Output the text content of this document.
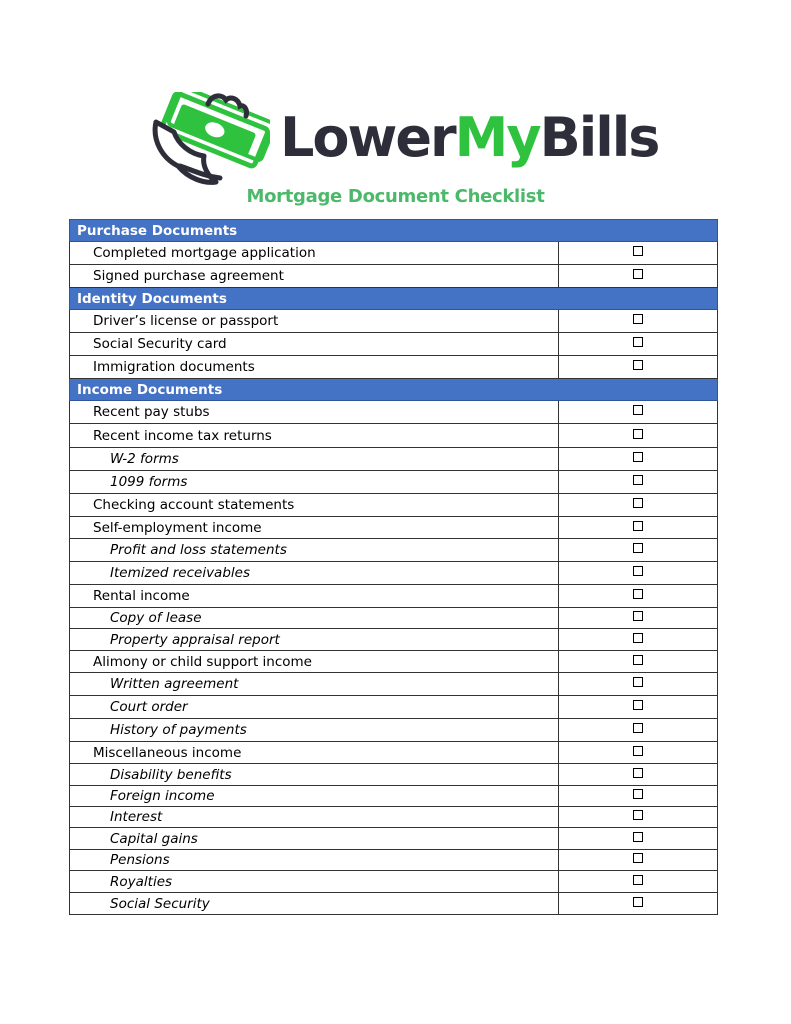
LowerMyBills
Mortgage Document Checklist
Purchase Documents	
Completed mortgage application	
Signed purchase agreement	
Identity Documents	
Driver’s license or passport	
Social Security card	
Immigration documents	
Income Documents	
Recent pay stubs	
Recent income tax returns	
W-2 forms	
1099 forms	
Checking account statements	
Self-employment income	
Profit and loss statements	
Itemized receivables	
Rental income	
Copy of lease	
Property appraisal report	
Alimony or child support income	
Written agreement	
Court order	
History of payments	
Miscellaneous income	
Disability benefits	
Foreign income	
Interest	
Capital gains	
Pensions	
Royalties	
Social Security	
